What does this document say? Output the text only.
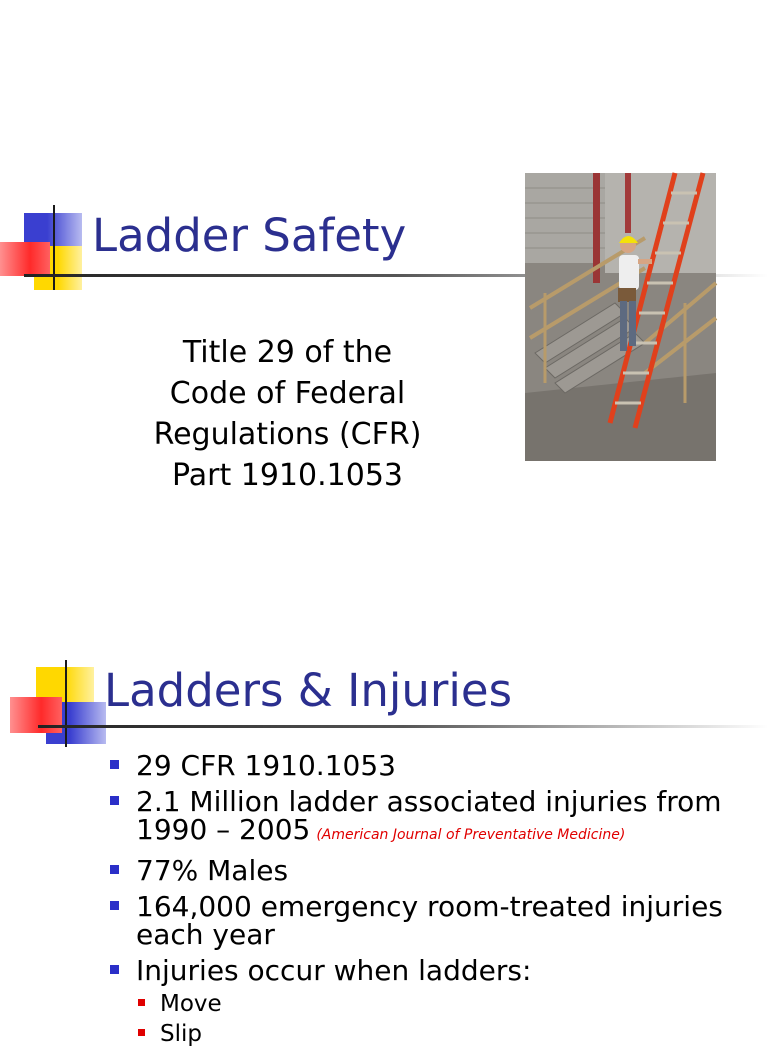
Ladder Safety
Title 29 of the
Code of Federal
Regulations (CFR)
Part 1910.1053
Ladders & Injuries
29 CFR 1910.1053
2.1 Million ladder associated injuries from 1990 – 2005 (American Journal of Preventative Medicine)
77% Males
164,000 emergency room-treated injuries each year
Injuries occur when ladders:
Move
Slip
